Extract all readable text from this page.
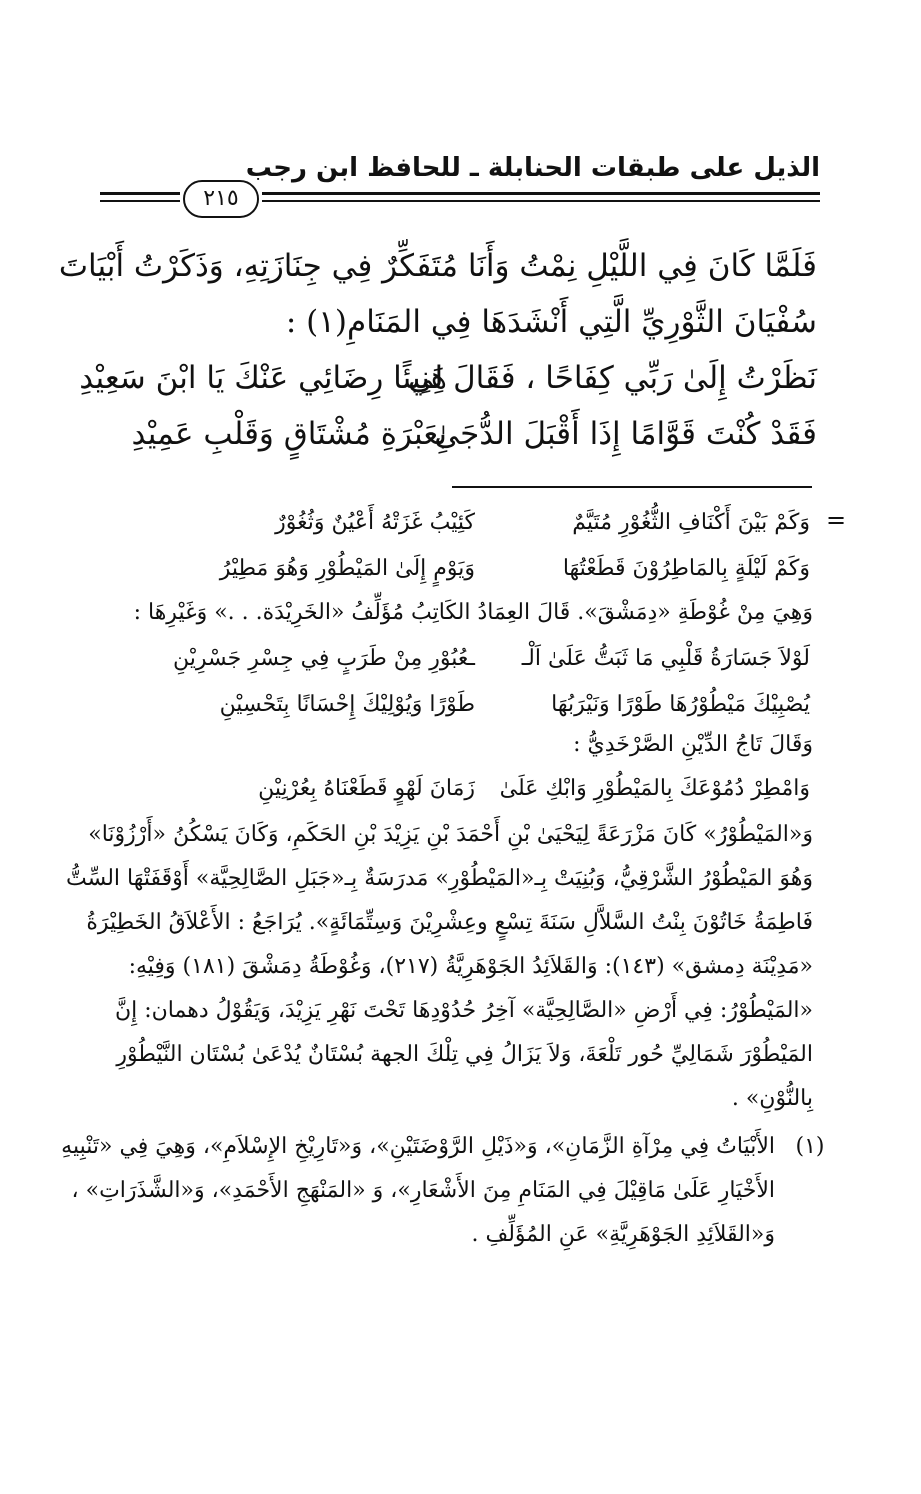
الذيل على طبقات الحنابلة ـ للحافظ ابن رجب
٢١٥
فَلَمَّا كَانَ فِي اللَّيْلِ نِمْتُ وَأَنَا مُتَفَكِّرٌ فِي جِنَازَتِهِ، وَذَكَرْتُ أَبْيَاتَ
سُفْيَانَ الثَّوْرِيِّ الَّتِي أَنْشَدَهَا فِي المَنَامِ(١) :
نَظَرْتُ إِلَىٰ رَبِّي كِفَاحًا ، فَقَالَ لِي
هَنِيئًا رِضَائِي عَنْكَ يَا ابْنَ سَعِيْدِ
فَقَدْ كُنْتَ قَوَّامًا إِذَا أَقْبَلَ الدُّجَىٰ
بِعَبْرَةِ مُشْتَاقٍ وَقَلْبِ عَمِيْدِ
=
وَكَمْ بَيْنَ أَكْنَافِ الثُّغُوْرِ مُتَيَّمٌ
كَئِيْبُ غَزَتْهُ أَعْيُنٌ وَثُغُوْرٌ
وَكَمْ لَيْلَةٍ بِالمَاطِرُوْنَ قَطَعْتُهَا
وَيَوْمٍ إِلَىٰ المَيْطُوْرِ وَهُوَ مَطِيْرُ
وَهِيَ مِنْ غُوْطَةِ «دِمَشْقَ». قَالَ العِمَادُ الكَاتِبُ مُؤَلِّفُ «الخَرِيْدَة. . .» وَغَيْرِهَا :
لَوْلاَ جَسَارَةُ قَلْبِي مَا ثَبَتُّ عَلَىٰ اَلْـ
ـعُبُوْرِ مِنْ طَرَبٍ فِي جِسْرِ جَسْرِيْنِ
يُصْبِيْكَ مَيْطُوْرُهَا طَوْرًا وَنَيْرَبُهَا
طَوْرًا وَيُوْلِيْكَ إِحْسَانًا بِتَحْسِيْنِ
وَقَالَ تَاجُ الدِّيْنِ الصَّرْخَدِيُّ :
وَامْطِرْ دُمُوْعَكَ بِالمَيْطُوْرِ وَابْكِ عَلَىٰ
زَمَانَ لَهْوٍ قَطَعْنَاهُ بِعُرْنِيْنِ
وَ«المَيْطُوْرُ» كَانَ مَزْرَعَةً لِيَحْيَىٰ بْنِ أَحْمَدَ بْنِ يَزِيْدَ بْنِ الحَكَمِ، وَكَانَ يَسْكُنُ «أَرْزُوْنَا»
وَهُوَ المَيْطُوْرُ الشَّرْقِيُّ، وَبُنِيَتْ بِـ«المَيْطُوْرِ» مَدرَسَةٌ بِـ«جَبَلِ الصَّالِحِيَّة» أَوْقَفَتْهَا السِّتُّ
فَاطِمَةُ خَاتُوْنَ بِنْتُ السَّلاَّلِ سَنَةَ تِسْعٍ وعِشْرِيْنَ وَسِتِّمَائَةٍ». يُرَاجَعُ : الأَعْلاَقُ الخَطِيْرَةُ
«مَدِيْنَة دِمشق» (١٤٣): وَالقَلاَئِدُ الجَوْهَرِيَّةُ (٢١٧)، وَغُوْطَةُ دِمَشْقَ (١٨١) وَفِيْهِ:
«المَيْطُوْرُ: فِي أَرْضِ «الصَّالِحِيَّة» آخِرُ حُدُوْدِهَا تَحْتَ نَهْرِ يَزِيْدَ، وَيَقُوْلُ دهمان: إِنَّ
المَيْطُوْرَ شَمَالِيِّ حُور تَلْعَةَ، وَلاَ يَزَالُ فِي تِلْكَ الجهة بُسْتَانٌ يُدْعَىٰ بُسْتَان النَّيْطُوْرِ
بِالنُّوْنِ» .
(١)
الأَبْيَاتُ فِي مِرْآةِ الزَّمَانِ»، وَ«ذَيْلِ الرَّوْضَتَيْنِ»، وَ«تَارِيْخِ الإِسْلاَمِ»، وَهِيَ فِي «تَنْبِيهِ
الأَخْيَارِ عَلَىٰ مَاقِيْلَ فِي المَنَامِ مِنَ الأَشْعَارِ»، وَ «المَنْهَجِ الأَحْمَدِ»، وَ«الشَّذَرَاتِ» ،
وَ«القَلاَئِدِ الجَوْهَرِيَّةِ» عَنِ المُؤَلِّفِ .
